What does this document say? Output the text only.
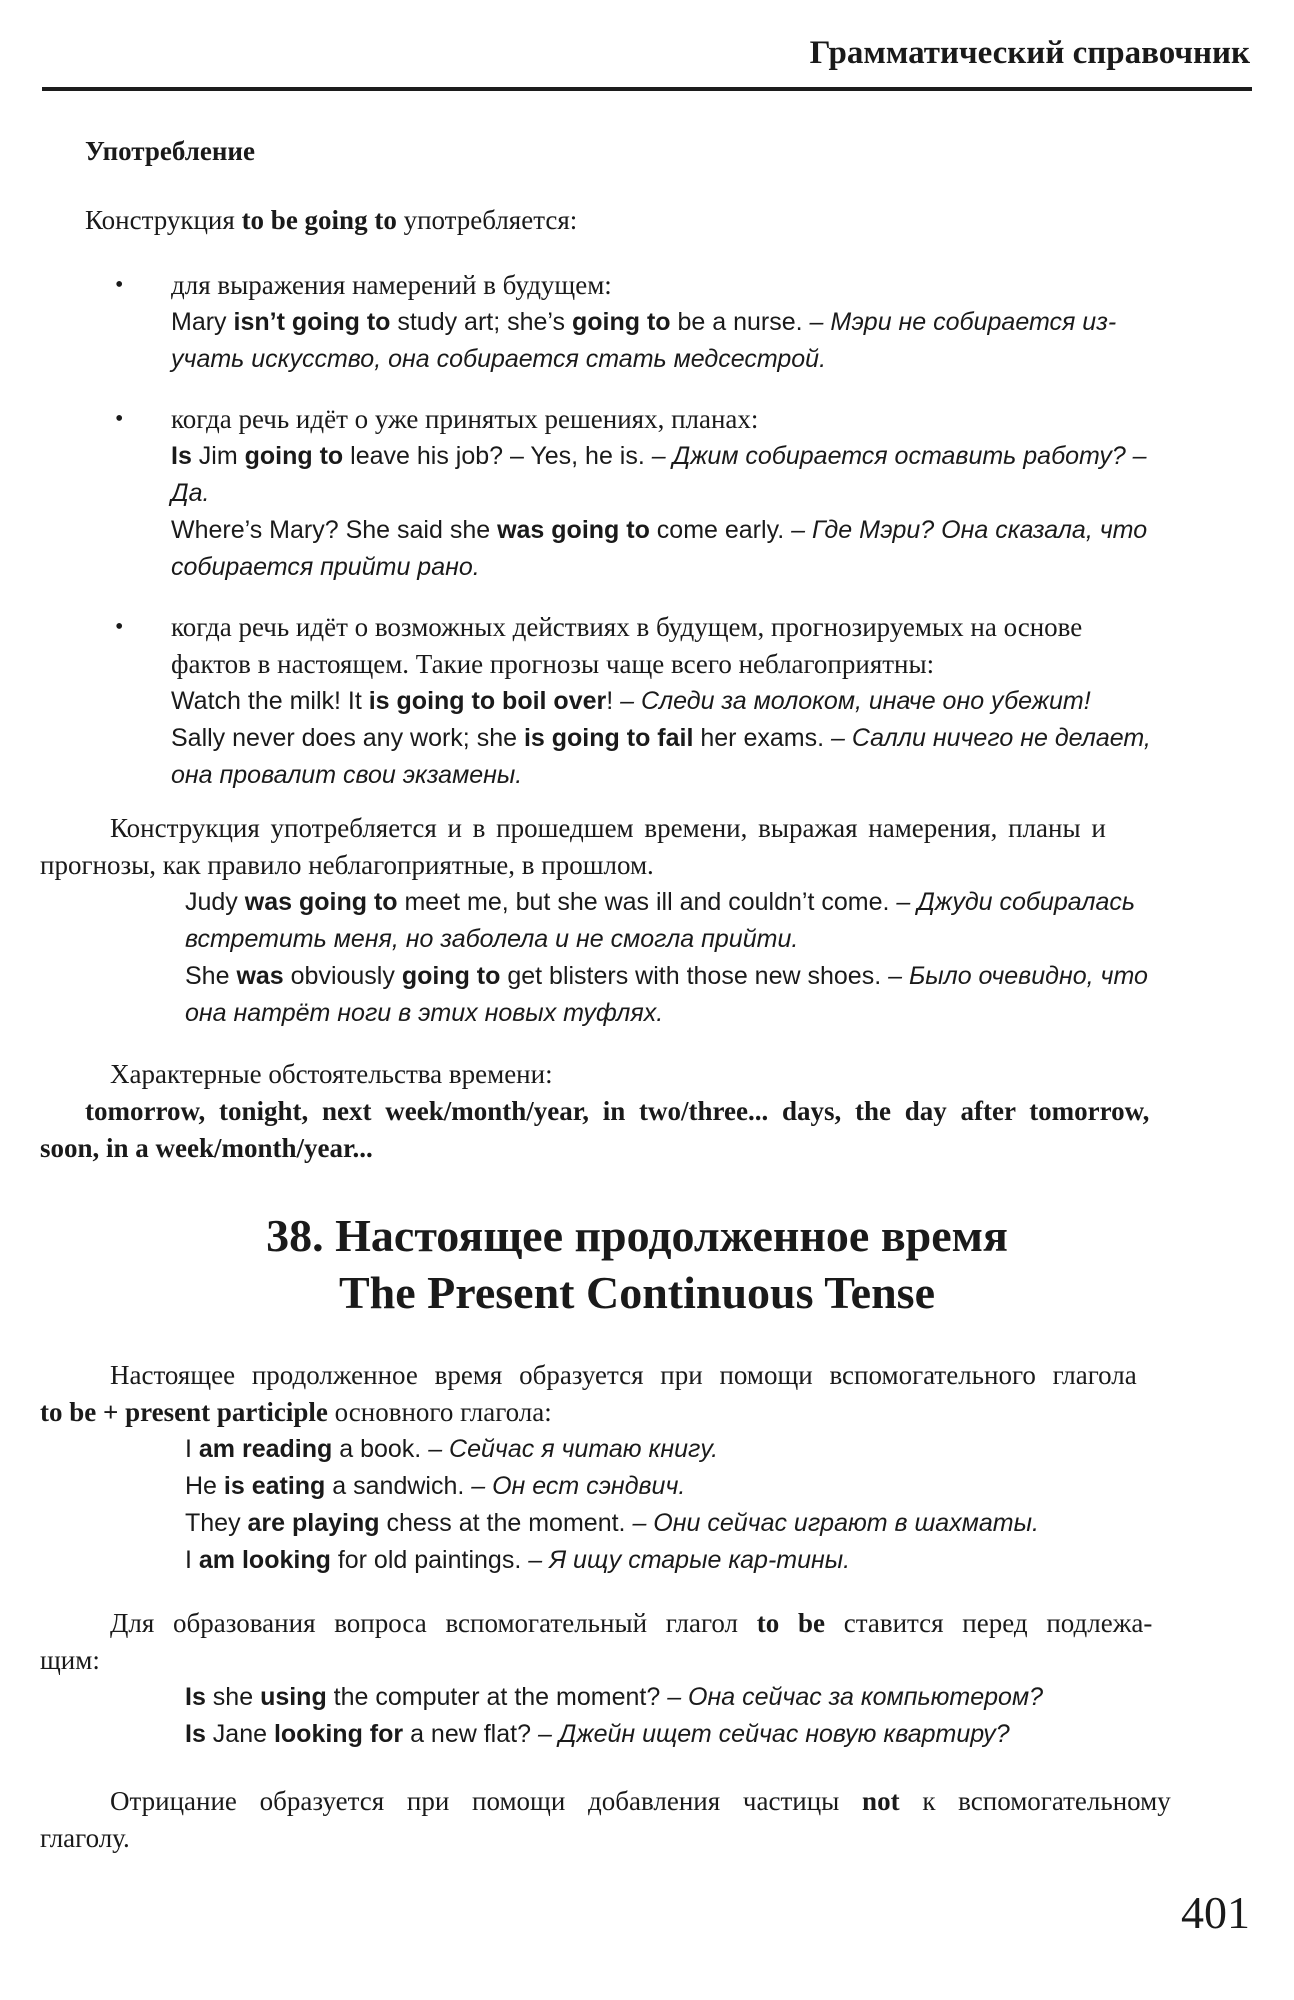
Грамматический справочник
Употребление
Конструкция to be going to употребляется:
•	для выражения намерений в будущем:
Mary isn’t going to study art; she’s going to be a nurse. – Мэри не собирается из-
учать искусство, она собирается стать медсестрой.
•	когда речь идёт о уже принятых решениях, планах:
Is Jim going to leave his job? – Yes, he is. – Джим собирается оставить работу? –
Да.
Where’s Mary? She said she was going to come early. – Где Мэри? Она сказала, что
собирается прийти рано.
•	когда речь идёт о возможных действиях в будущем, прогнозируемых на основе
фактов в настоящем. Такие прогнозы чаще всего неблагоприятны:
Watch the milk! It is going to boil over! – Следи за молоком, иначе оно убежит!
Sally never does any work; she is going to fail her exams. – Салли ничего не делает,
она провалит свои экзамены.
Конструкция употребляется и в прошедшем времени, выражая намерения, планы и
прогнозы, как правило неблагоприятные, в прошлом.
Judy was going to meet me, but she was ill and couldn’t come. – Джуди собиралась
встретить меня, но заболела и не смогла прийти.
She was obviously going to get blisters with those new shoes. – Было очевидно, что
она натрёт ноги в этих новых туфлях.
Характерные обстоятельства времени:
tomorrow, tonight, next week/month/year, in two/three... days, the day after tomorrow,
soon, in a week/month/year...
38. Настоящее продолженное время
The Present Continuous Tense
Настоящее продолженное время образуется при помощи вспомогательного глагола
to be + present participle основного глагола:
I am reading a book. – Сейчас я читаю книгу.
He is eating a sandwich. – Он ест сэндвич.
They are playing chess at the moment. – Они сейчас играют в шахматы.
I am looking for old paintings. – Я ищу старые кар-тины.
Для образования вопроса вспомогательный глагол to be ставится перед подлежа-
щим:
Is she using the computer at the moment? – Она сейчас за компьютером?
Is Jane looking for a new flat? – Джейн ищет сейчас новую квартиру?
Отрицание образуется при помощи добавления частицы not к вспомогательному
глаголу.
401
